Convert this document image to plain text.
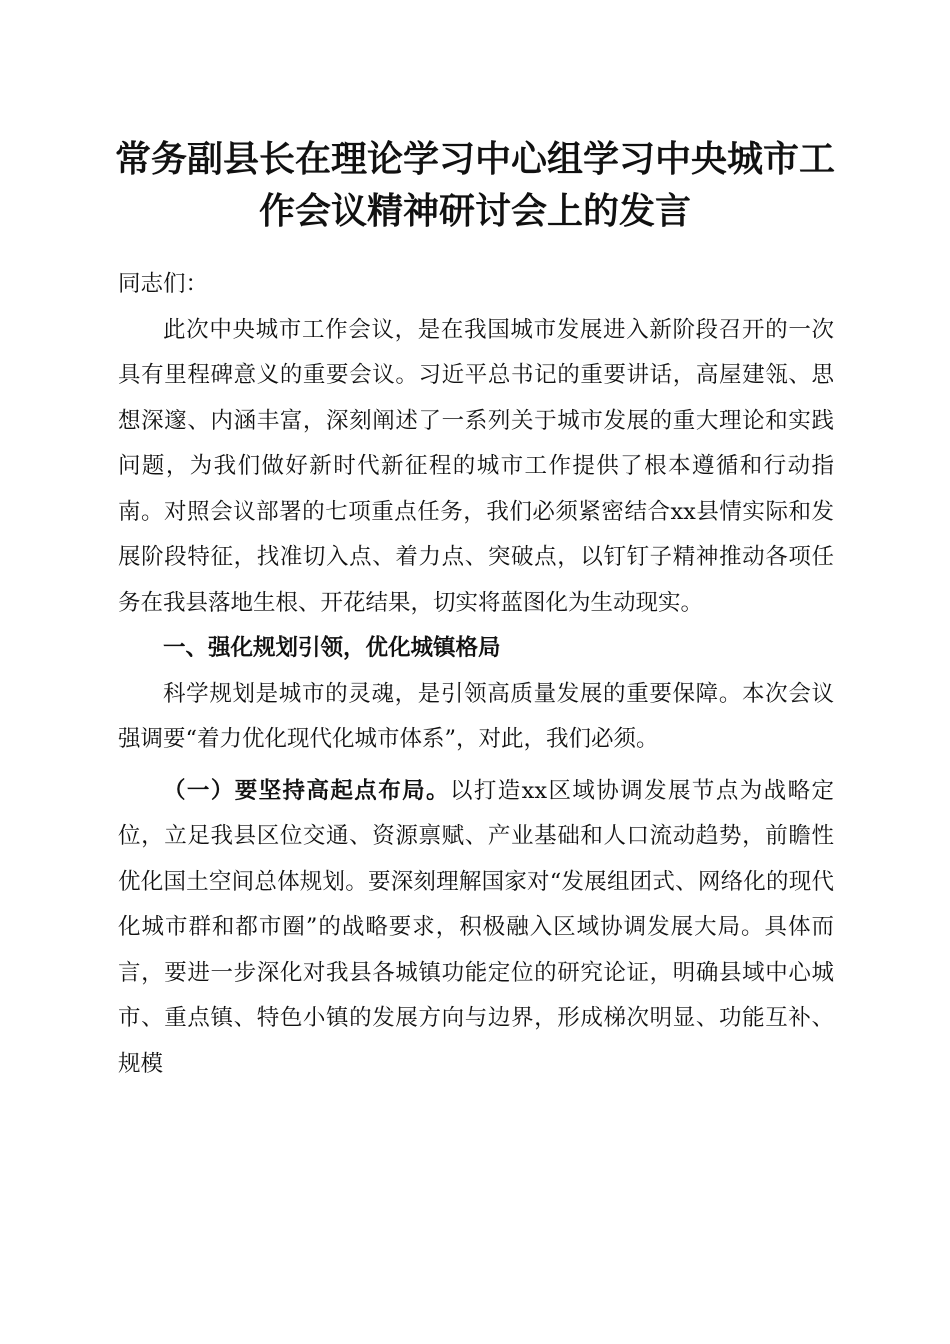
常务副县长在理论学习中心组学习中央城市工作会议精神研讨会上的发言

同志们：

此次中央城市工作会议，是在我国城市发展进入新阶段召开的一次具有里程碑意义的重要会议。习近平总书记的重要讲话，高屋建瓴、思想深邃、内涵丰富，深刻阐述了一系列关于城市发展的重大理论和实践问题，为我们做好新时代新征程的城市工作提供了根本遵循和行动指南。对照会议部署的七项重点任务，我们必须紧密结合xx县情实际和发展阶段特征，找准切入点、着力点、突破点，以钉钉子精神推动各项任务在我县落地生根、开花结果，切实将蓝图化为生动现实。

一、强化规划引领，优化城镇格局

科学规划是城市的灵魂，是引领高质量发展的重要保障。本次会议强调要“着力优化现代化城市体系”，对此，我们必须。

（一）要坚持高起点布局。以打造xx区域协调发展节点为战略定位，立足我县区位交通、资源禀赋、产业基础和人口流动趋势，前瞻性优化国土空间总体规划。要深刻理解国家对“发展组团式、网络化的现代化城市群和都市圈”的战略要求，积极融入区域协调发展大局。具体而言，要进一步深化对我县各城镇功能定位的研究论证，明确县域中心城市、重点镇、特色小镇的发展方向与边界，形成梯次明显、功能互补、规模
